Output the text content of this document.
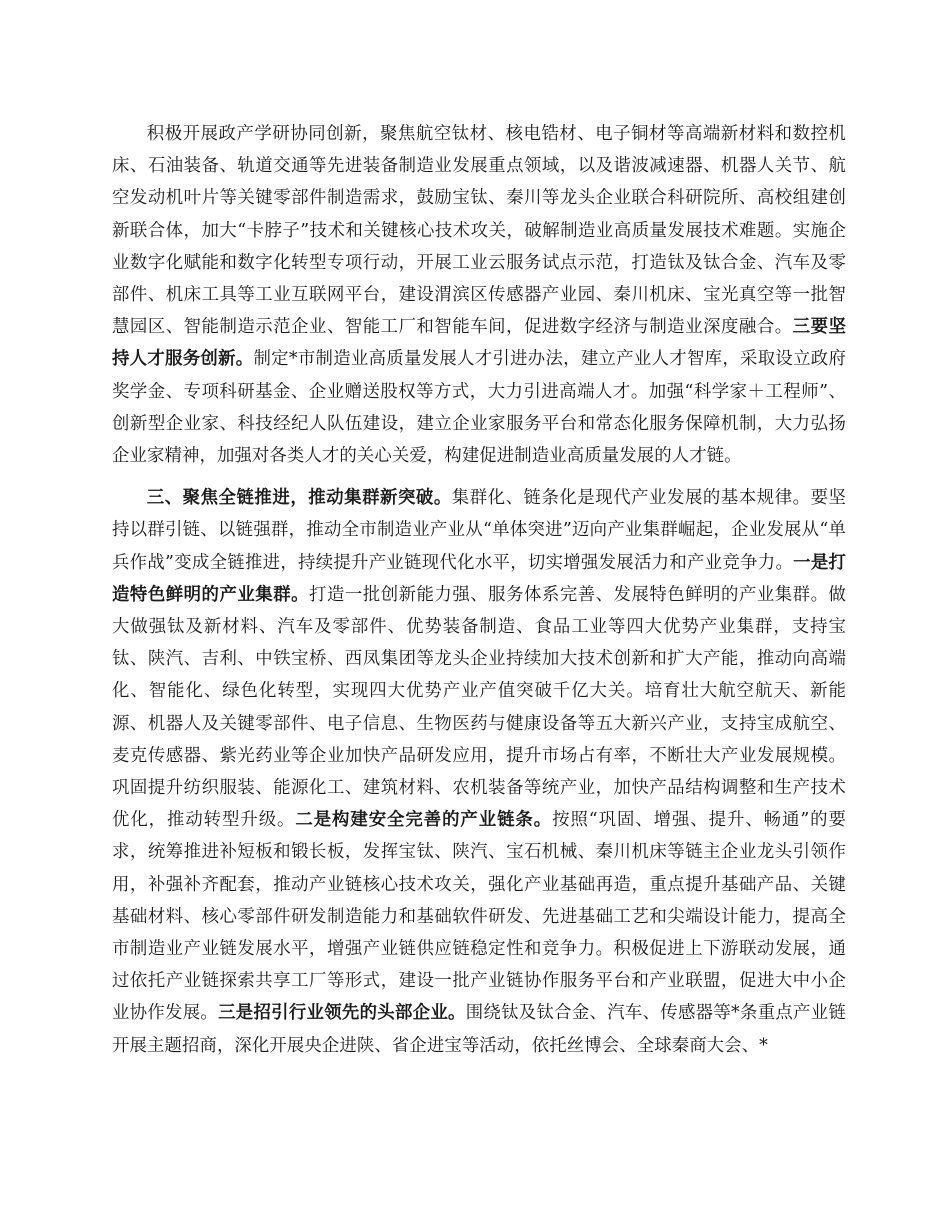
积极开展政产学研协同创新，聚焦航空钛材、核电锆材、电子铜材等高端新材料和数控机床、石油装备、轨道交通等先进装备制造业发展重点领域，以及谐波减速器、机器人关节、航空发动机叶片等关键零部件制造需求，鼓励宝钛、秦川等龙头企业联合科研院所、高校组建创新联合体，加大“卡脖子”技术和关键核心技术攻关，破解制造业高质量发展技术难题。实施企业数字化赋能和数字化转型专项行动，开展工业云服务试点示范，打造钛及钛合金、汽车及零部件、机床工具等工业互联网平台，建设渭滨区传感器产业园、秦川机床、宝光真空等一批智慧园区、智能制造示范企业、智能工厂和智能车间，促进数字经济与制造业深度融合。三要坚持人才服务创新。制定*市制造业高质量发展人才引进办法，建立产业人才智库，采取设立政府奖学金、专项科研基金、企业赠送股权等方式，大力引进高端人才。加强“科学家＋工程师”、创新型企业家、科技经纪人队伍建设，建立企业家服务平台和常态化服务保障机制，大力弘扬企业家精神，加强对各类人才的关心关爱，构建促进制造业高质量发展的人才链。

三、聚焦全链推进，推动集群新突破。集群化、链条化是现代产业发展的基本规律。要坚持以群引链、以链强群，推动全市制造业产业从“单体突进”迈向产业集群崛起，企业发展从“单兵作战”变成全链推进，持续提升产业链现代化水平，切实增强发展活力和产业竞争力。一是打造特色鲜明的产业集群。打造一批创新能力强、服务体系完善、发展特色鲜明的产业集群。做大做强钛及新材料、汽车及零部件、优势装备制造、食品工业等四大优势产业集群，支持宝钛、陕汽、吉利、中铁宝桥、西凤集团等龙头企业持续加大技术创新和扩大产能，推动向高端化、智能化、绿色化转型，实现四大优势产业产值突破千亿大关。培育壮大航空航天、新能源、机器人及关键零部件、电子信息、生物医药与健康设备等五大新兴产业，支持宝成航空、麦克传感器、紫光药业等企业加快产品研发应用，提升市场占有率，不断壮大产业发展规模。巩固提升纺织服装、能源化工、建筑材料、农机装备等统产业，加快产品结构调整和生产技术优化，推动转型升级。二是构建安全完善的产业链条。按照“巩固、增强、提升、畅通”的要求，统筹推进补短板和锻长板，发挥宝钛、陕汽、宝石机械、秦川机床等链主企业龙头引领作用，补强补齐配套，推动产业链核心技术攻关，强化产业基础再造，重点提升基础产品、关键基础材料、核心零部件研发制造能力和基础软件研发、先进基础工艺和尖端设计能力，提高全市制造业产业链发展水平，增强产业链供应链稳定性和竞争力。积极促进上下游联动发展，通过依托产业链探索共享工厂等形式，建设一批产业链协作服务平台和产业联盟，促进大中小企业协作发展。三是招引行业领先的头部企业。围绕钛及钛合金、汽车、传感器等*条重点产业链开展主题招商，深化开展央企进陕、省企进宝等活动，依托丝博会、全球秦商大会、*
